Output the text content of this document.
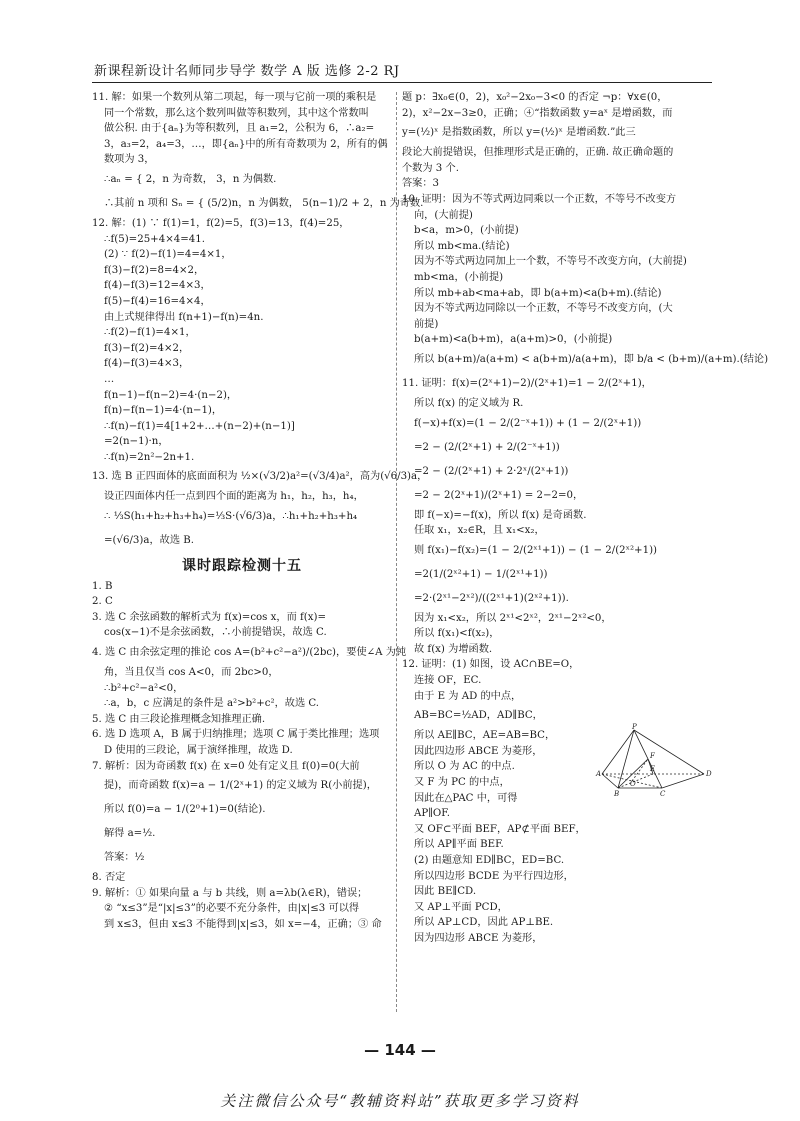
新课程新设计名师同步导学 数学 A 版 选修 2-2 RJ
11. 解：如果一个数列从第二项起，每一项与它前一项的乘积是
同一个常数，那么这个数列叫做等积数列，其中这个常数叫
做公积. 由于{aₙ}为等积数列，且 a₁=2，公积为 6，∴a₂=
3，a₃=2，a₄=3，…，即{aₙ}中的所有奇数项为 2，所有的偶
数项为 3，
∴aₙ = { 2，n 为奇数， 3，n 为偶数.
∴其前 n 项和 Sₙ = { (5/2)n，n 为偶数， 5(n−1)/2 + 2，n 为奇数.
12. 解：(1) ∵ f(1)=1，f(2)=5，f(3)=13，f(4)=25，
∴f(5)=25+4×4=41.
(2) ∵ f(2)−f(1)=4=4×1，
f(3)−f(2)=8=4×2，
f(4)−f(3)=12=4×3，
f(5)−f(4)=16=4×4，
由上式规律得出 f(n+1)−f(n)=4n.
∴f(2)−f(1)=4×1，
f(3)−f(2)=4×2，
f(4)−f(3)=4×3，
…
f(n−1)−f(n−2)=4·(n−2)，
f(n)−f(n−1)=4·(n−1)，
∴f(n)−f(1)=4[1+2+…+(n−2)+(n−1)]
=2(n−1)·n，
∴f(n)=2n²−2n+1.
13. 选 B 正四面体的底面面积为 ½×(√3/2)a²=(√3/4)a²，高为(√6/3)a，
设正四面体内任一点到四个面的距离为 h₁，h₂，h₃，h₄，
∴ ⅓S(h₁+h₂+h₃+h₄)=⅓S·(√6/3)a，∴h₁+h₂+h₃+h₄
=(√6/3)a，故选 B.
课时跟踪检测十五
1. B
2. C
3. 选 C 余弦函数的解析式为 f(x)=cos x，而 f(x)=
cos(x−1)不是余弦函数，∴小前提错误，故选 C.
4. 选 C 由余弦定理的推论 cos A=(b²+c²−a²)/(2bc)，要使∠A 为钝
角，当且仅当 cos A<0，而 2bc>0，
∴b²+c²−a²<0，
∴a，b，c 应满足的条件是 a²>b²+c²，故选 C.
5. 选 C 由三段论推理概念知推理正确.
6. 选 D 选项 A，B 属于归纳推理；选项 C 属于类比推理；选项
D 使用的三段论，属于演绎推理，故选 D.
7. 解析：因为奇函数 f(x) 在 x=0 处有定义且 f(0)=0(大前
提)，而奇函数 f(x)=a − 1/(2ˣ+1) 的定义域为 R(小前提)，
所以 f(0)=a − 1/(2⁰+1)=0(结论).
解得 a=½.
答案：½
8. 否定
9. 解析：① 如果向量 a 与 b 共线，则 a=λb(λ∈R)，错误；
② “x≤3”是“|x|≤3”的必要不充分条件，由|x|≤3 可以得
到 x≤3，但由 x≤3 不能得到|x|≤3，如 x=−4，正确；③ 命
题 p：∃x₀∈(0，2)，x₀²−2x₀−3<0 的否定 ¬p：∀x∈(0，
2)，x²−2x−3≥0，正确；④“指数函数 y=aˣ 是增函数，而
y=(½)ˣ 是指数函数，所以 y=(½)ˣ 是增函数.”此三
段论大前提错误，但推理形式是正确的，正确. 故正确命题的
个数为 3 个.
答案：3
10. 证明：因为不等式两边同乘以一个正数，不等号不改变方
向，(大前提)
b<a，m>0，(小前提)
所以 mb<ma.(结论)
因为不等式两边同加上一个数，不等号不改变方向，(大前提)
mb<ma，(小前提)
所以 mb+ab<ma+ab，即 b(a+m)<a(b+m).(结论)
因为不等式两边同除以一个正数，不等号不改变方向，(大
前提)
b(a+m)<a(b+m)，a(a+m)>0，(小前提)
所以 b(a+m)/a(a+m) < a(b+m)/a(a+m)，即 b/a < (b+m)/(a+m).(结论)
11. 证明：f(x)=(2ˣ+1)−2)/(2ˣ+1)=1 − 2/(2ˣ+1)，
所以 f(x) 的定义域为 R.
f(−x)+f(x)=(1 − 2/(2⁻ˣ+1)) + (1 − 2/(2ˣ+1))
=2 − (2/(2ˣ+1) + 2/(2⁻ˣ+1))
=2 − (2/(2ˣ+1) + 2·2ˣ/(2ˣ+1))
=2 − 2(2ˣ+1)/(2ˣ+1) = 2−2=0，
即 f(−x)=−f(x)，所以 f(x) 是奇函数.
任取 x₁，x₂∈R，且 x₁<x₂，
则 f(x₁)−f(x₂)=(1 − 2/(2ˣ¹+1)) − (1 − 2/(2ˣ²+1))
=2(1/(2ˣ²+1) − 1/(2ˣ¹+1))
=2·(2ˣ¹−2ˣ²)/((2ˣ¹+1)(2ˣ²+1)).
因为 x₁<x₂，所以 2ˣ¹<2ˣ²，2ˣ¹−2ˣ²<0，
所以 f(x₁)<f(x₂)，
故 f(x) 为增函数.
12. 证明：(1) 如图，设 AC∩BE=O，
连接 OF，EC.
由于 E 为 AD 的中点，
AB=BC=½AD，AD∥BC，
所以 AE∥BC，AE=AB=BC，
因此四边形 ABCE 为菱形，
所以 O 为 AC 的中点.
又 F 为 PC 的中点，
因此在△PAC 中，可得
AP∥OF.
又 OF⊂平面 BEF，AP⊄平面 BEF，
所以 AP∥平面 BEF.
(2) 由题意知 ED∥BC，ED=BC.
所以四边形 BCDE 为平行四边形，
因此 BE∥CD.
又 AP⊥平面 PCD，
所以 AP⊥CD，因此 AP⊥BE.
因为四边形 ABCE 为菱形，
P
A
B	C
D
E
F
O
— 144 —
关注微信公众号“教辅资料站”获取更多学习资料
